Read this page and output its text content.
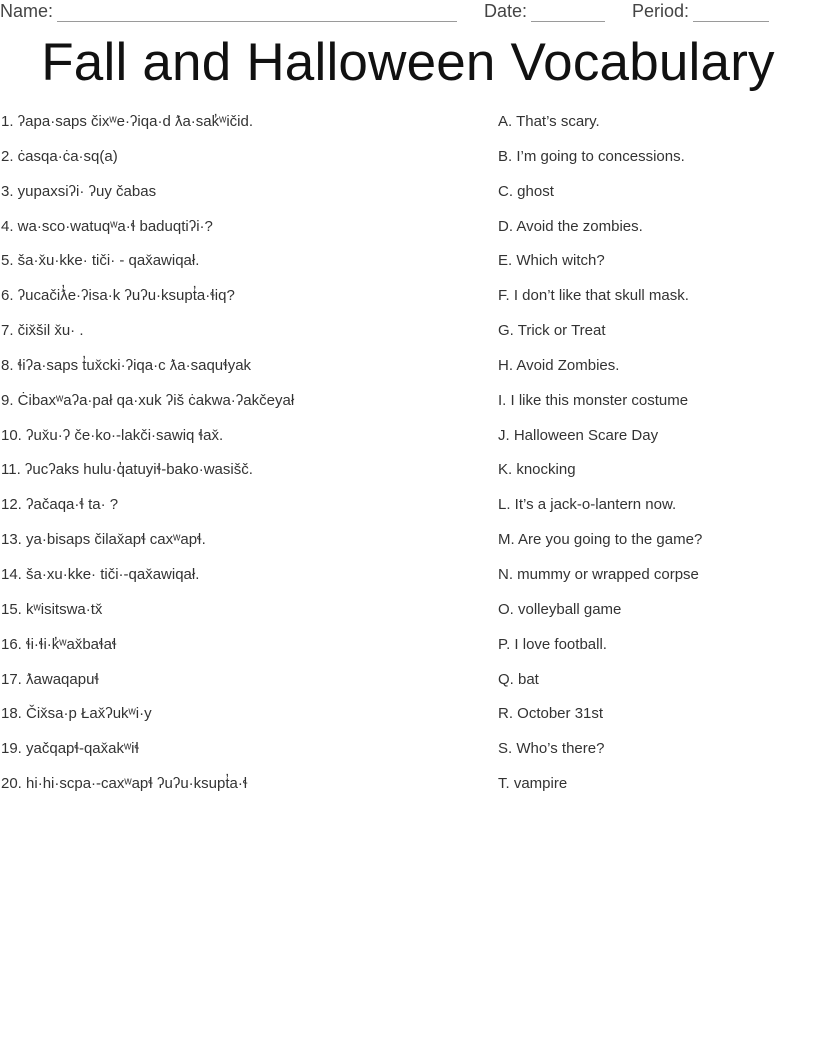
Name:	Date:	Period:
Fall and Halloween Vocabulary
1. ʔapa·saps čixʷe·ʔiqa·d ƛa·sak̓ʷičid.
2. ċasqa·ċa·sq(a)
3. yupaxsiʔi· ʔuy čabas
4. wa·sco·watuqʷa·ɬ baduqtiʔi·?
5. ša·x̌u·kke· tiči· - qax̌awiqał.
6. ʔucačiƛ̓e·ʔisa·k ʔuʔu·ksupt̓a·ɬiq?
7. čix̌šil x̌u· .
8. ɬiʔa·saps t̓ux̌cki·ʔiqa·c ƛa·saquɬyak
9. Ċibaxʷaʔa·pał qa·xuk ʔiš ċakwa·ʔakčeyał
10. ʔux̌u·ʔ če·ko·-lakči·sawiq ɬax̌.
11. ʔucʔaks hulu·q̓atuyiɬ-bako·wasišč.
12. ʔačaqa·ɬ ta· ?
13. ya·bisaps čilax̌apɬ caxʷapɬ.
14. ša·xu·kke· tiči·-qax̌awiqał.
15. kʷisitswa·tx̌
16. ɬi·ɬi·k̓ʷax̌baɬaɬ
17. ƛawaqapuɬ
18. Čix̌sa·p Łax̌ʔukʷi·y
19. yačqapɬ-qax̌akʷiɬ
20. hi·hi·scpa·-caxʷapɬ ʔuʔu·ksupt̓a·ɬ
A. That’s scary.
B. I’m going to concessions.
C. ghost
D. Avoid the zombies.
E. Which witch?
F. I don’t like that skull mask.
G. Trick or Treat
H. Avoid Zombies.
I. I like this monster costume
J. Halloween Scare Day
K. knocking
L. It’s a jack-o-lantern now.
M. Are you going to the game?
N. mummy or wrapped corpse
O. volleyball game
P. I love football.
Q. bat
R. October 31st
S. Who’s there?
T. vampire
